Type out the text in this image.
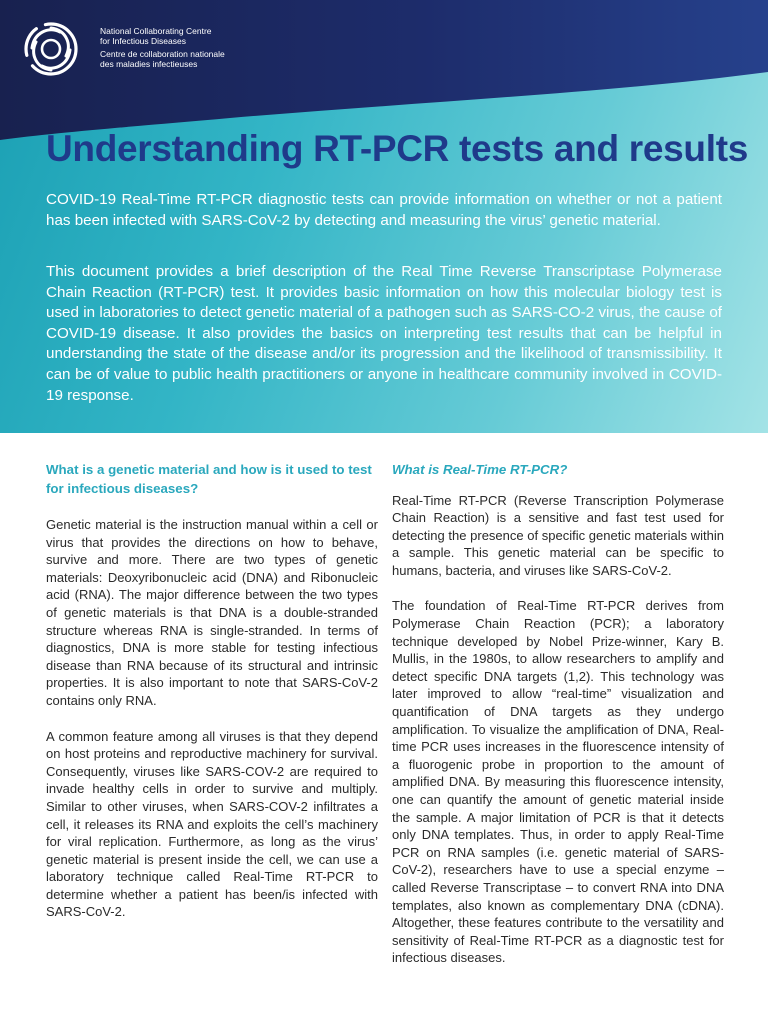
National Collaborating Centre
for Infectious Diseases
Centre de collaboration nationale
des maladies infectieuses
Understanding RT-PCR tests and results

COVID-19 Real-Time RT-PCR diagnostic tests can provide information on whether or not a patient has been infected with SARS-CoV-2 by detecting and measuring the virus’ genetic material.

This document provides a brief description of the Real Time Reverse Transcriptase Polymerase Chain Reaction (RT-PCR) test. It provides basic information on how this molecular biology test is used in laboratories to detect genetic material of a pathogen such as SARS-CO-2 virus, the cause of COVID-19 disease. It also provides the basics on interpreting test results that can be helpful in understanding the state of the disease and/or its progression and the likelihood of transmissibility. It can be of value to public health practitioners or anyone in healthcare community involved in COVID-19 response.

What is a genetic material and how is it used to test for infectious diseases?

Genetic material is the instruction manual within a cell or virus that provides the directions on how to behave, survive and more. There are two types of genetic materials: Deoxyribonucleic acid (DNA) and Ribonucleic acid (RNA). The major difference between the two types of genetic materials is that DNA is a double-stranded structure whereas RNA is single-stranded. In terms of diagnostics, DNA is more stable for testing infectious disease than RNA because of its structural and intrinsic properties. It is also important to note that SARS-CoV-2 contains only RNA.

A common feature among all viruses is that they depend on host proteins and reproductive machinery for survival. Consequently, viruses like SARS-COV-2 are required to invade healthy cells in order to survive and multiply. Similar to other viruses, when SARS-COV-2 infiltrates a cell, it releases its RNA and exploits the cell’s machinery for viral replication. Furthermore, as long as the virus’ genetic material is present inside the cell, we can use a laboratory technique called Real-Time RT-PCR to determine whether a patient has been/is infected with SARS-CoV-2.

What is Real-Time RT-PCR?

Real-Time RT-PCR (Reverse Transcription Polymerase Chain Reaction) is a sensitive and fast test used for detecting the presence of specific genetic materials within a sample. This genetic material can be specific to humans, bacteria, and viruses like SARS-CoV-2.

The foundation of Real-Time RT-PCR derives from Polymerase Chain Reaction (PCR); a laboratory technique developed by Nobel Prize-winner, Kary B. Mullis, in the 1980s, to allow researchers to amplify and detect specific DNA targets (1,2). This technology was later improved to allow “real-time” visualization and quantification of DNA targets as they undergo amplification. To visualize the amplification of DNA, Real-time PCR uses increases in the fluorescence intensity of a fluorogenic probe in proportion to the amount of amplified DNA. By measuring this fluorescence intensity, one can quantify the amount of genetic material inside the sample. A major limitation of PCR is that it detects only DNA templates. Thus, in order to apply Real-Time PCR on RNA samples (i.e. genetic material of SARS-CoV-2), researchers have to use a special enzyme – called Reverse Transcriptase – to convert RNA into DNA templates, also known as complementary DNA (cDNA). Altogether, these features contribute to the versatility and sensitivity of Real-Time RT-PCR as a diagnostic test for infectious diseases.
